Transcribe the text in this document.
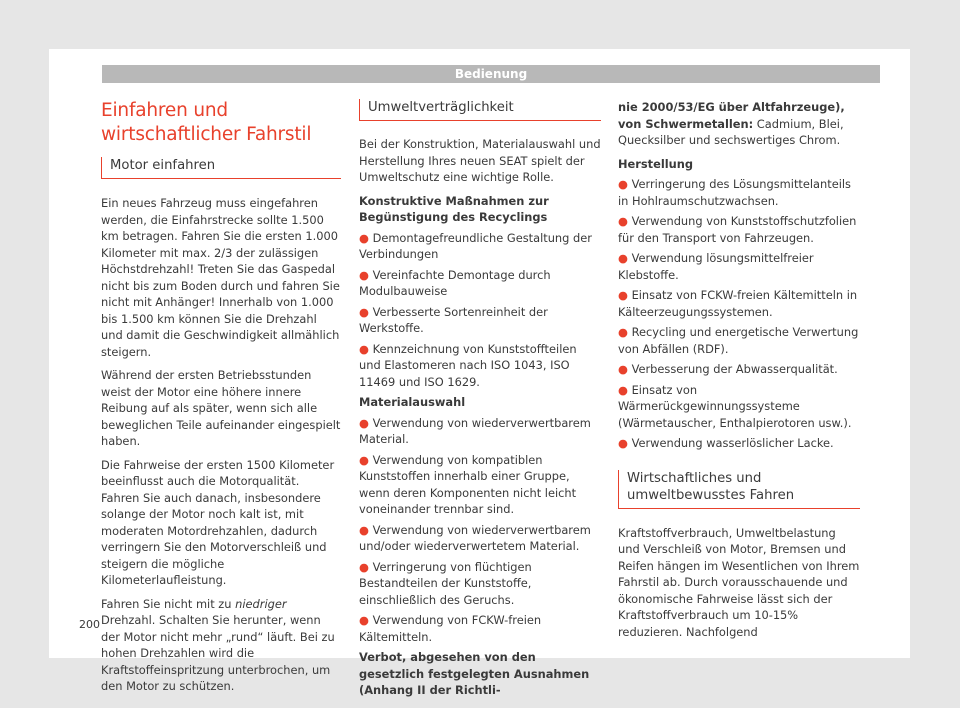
Bedienung
Einfahren und wirtschaftlicher Fahrstil
Motor einfahren

Ein neues Fahrzeug muss eingefahren werden, die Einfahrstrecke sollte 1.500 km betragen. Fahren Sie die ersten 1.000 Kilometer mit max. 2/3 der zulässigen Höchstdrehzahl! Treten Sie das Gaspedal nicht bis zum Boden durch und fahren Sie nicht mit Anhänger! Innerhalb von 1.000 bis 1.500 km können Sie die Drehzahl und damit die Geschwindigkeit allmählich steigern.

Während der ersten Betriebsstunden weist der Motor eine höhere innere Reibung auf als später, wenn sich alle beweglichen Teile aufeinander eingespielt haben.

Die Fahrweise der ersten 1500 Kilometer beeinflusst auch die Motorqualität. Fahren Sie auch danach, insbesondere solange der Motor noch kalt ist, mit moderaten Motordrehzahlen, dadurch verringern Sie den Motorverschleiß und steigern die mögliche Kilometerlaufleistung.

Fahren Sie nicht mit zu niedriger Drehzahl. Schalten Sie herunter, wenn der Motor nicht mehr „rund“ läuft. Bei zu hohen Drehzahlen wird die Kraftstoffeinspritzung unterbrochen, um den Motor zu schützen.

Umweltverträglichkeit

Bei der Konstruktion, Materialauswahl und Herstellung Ihres neuen SEAT spielt der Umweltschutz eine wichtige Rolle.

Konstruktive Maßnahmen zur Begünstigung des Recyclings
● Demontagefreundliche Gestaltung der Verbindungen
● Vereinfachte Demontage durch Modulbauweise
● Verbesserte Sortenreinheit der Werkstoffe.
● Kennzeichnung von Kunststoffteilen und Elastomeren nach ISO 1043, ISO 11469 und ISO 1629.
Materialauswahl
● Verwendung von wiederverwertbarem Material.
● Verwendung von kompatiblen Kunststoffen innerhalb einer Gruppe, wenn deren Komponenten nicht leicht voneinander trennbar sind.
● Verwendung von wiederverwertbarem und/oder wiederverwertetem Material.
● Verringerung von flüchtigen Bestandteilen der Kunststoffe, einschließlich des Geruchs.
● Verwendung von FCKW-freien Kältemitteln.
Verbot, abgesehen von den gesetzlich festgelegten Ausnahmen (Anhang II der Richtli-

nie 2000/53/EG über Altfahrzeuge), von Schwermetallen: Cadmium, Blei, Quecksilber und sechswertiges Chrom.

Herstellung
● Verringerung des Lösungsmittelanteils in Hohlraumschutzwachsen.
● Verwendung von Kunststoffschutzfolien für den Transport von Fahrzeugen.
● Verwendung lösungsmittelfreier Klebstoffe.
● Einsatz von FCKW-freien Kältemitteln in Kälteerzeugungssystemen.
● Recycling und energetische Verwertung von Abfällen (RDF).
● Verbesserung der Abwasserqualität.
● Einsatz von Wärmerückgewinnungssysteme (Wärmetauscher, Enthalpierotoren usw.).
● Verwendung wasserlöslicher Lacke.
Wirtschaftliches und umweltbewusstes Fahren

Kraftstoffverbrauch, Umweltbelastung und Verschleiß von Motor, Bremsen und Reifen hängen im Wesentlichen von Ihrem Fahrstil ab. Durch vorausschauende und ökonomische Fahrweise lässt sich der Kraftstoffverbrauch um 10-15% reduzieren. Nachfolgend

200
